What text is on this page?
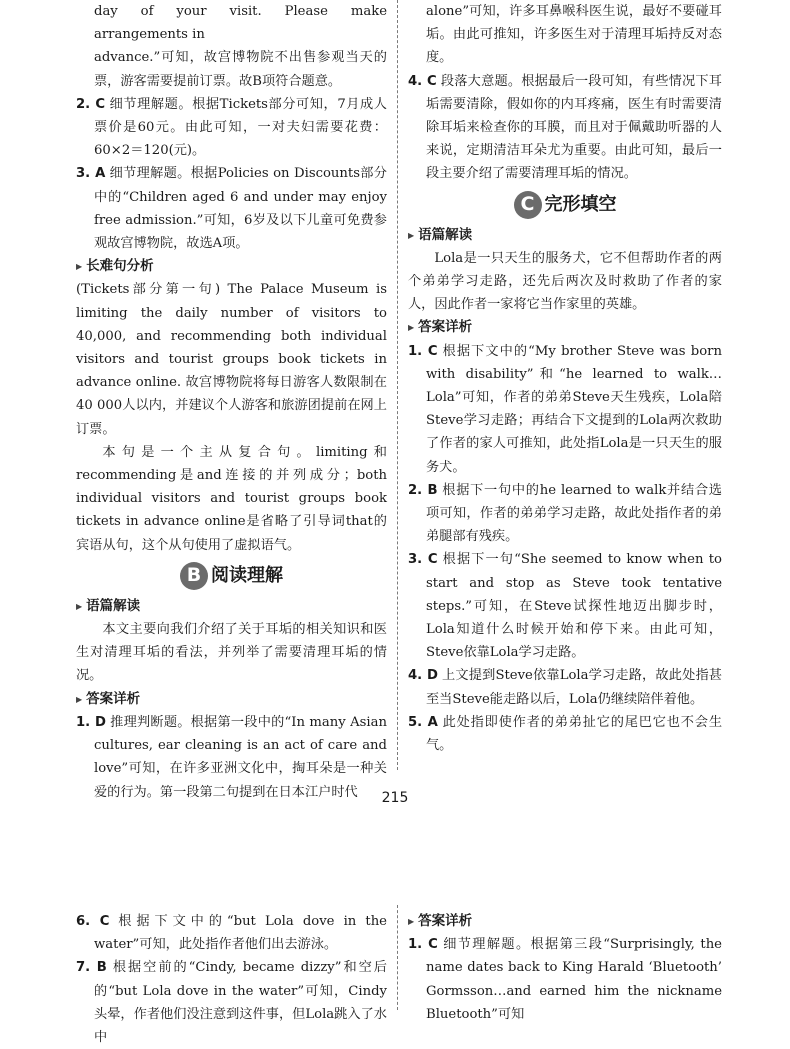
day of your visit. Please make arrangements in

advance.”可知，故宫博物院不出售参观当天的票，游客需要提前订票。故B项符合题意。

2. C 细节理解题。根据Tickets部分可知，7月成人票价是60元。由此可知，一对夫妇需要花费：60×2＝120(元)。

3. A 细节理解题。根据Policies on Discounts部分中的“Children aged 6 and under may enjoy free admission.”可知，6岁及以下儿童可免费参观故宫博物院，故选A项。

▶ 长难句分析

(Tickets部分第一句) The Palace Museum is limiting the daily number of visitors to 40,000, and recommending both individual visitors and tourist groups book tickets in advance online. 故宫博物院将每日游客人数限制在40 000人以内，并建议个人游客和旅游团提前在网上订票。

本句是一个主从复合句。limiting和recommending是and连接的并列成分；both individual visitors and tourist groups book tickets in advance online是省略了引导词that的宾语从句，这个从句使用了虚拟语气。

B 阅读理解

▶ 语篇解读

本文主要向我们介绍了关于耳垢的相关知识和医生对清理耳垢的看法，并列举了需要清理耳垢的情况。

▶ 答案详析

1. D 推理判断题。根据第一段中的“In many Asian cultures, ear cleaning is an act of care and love”可知，在许多亚洲文化中，掏耳朵是一种关爱的行为。第一段第二句提到在日本江户时代

alone”可知，许多耳鼻喉科医生说，最好不要碰耳垢。由此可推知，许多医生对于清理耳垢持反对态度。

4. C 段落大意题。根据最后一段可知，有些情况下耳垢需要清除，假如你的内耳疼痛，医生有时需要清除耳垢来检查你的耳膜，而且对于佩戴助听器的人来说，定期清洁耳朵尤为重要。由此可知，最后一段主要介绍了需要清理耳垢的情况。

C 完形填空

▶ 语篇解读

Lola是一只天生的服务犬，它不但帮助作者的两个弟弟学习走路，还先后两次及时救助了作者的家人，因此作者一家将它当作家里的英雄。

▶ 答案详析

1. C 根据下文中的“My brother Steve was born with disability”和“he learned to walk…Lola”可知，作者的弟弟Steve天生残疾，Lola陪Steve学习走路；再结合下文提到的Lola两次救助了作者的家人可推知，此处指Lola是一只天生的服务犬。

2. B 根据下一句中的he learned to walk并结合选项可知，作者的弟弟学习走路，故此处指作者的弟弟腿部有残疾。

3. C 根据下一句“She seemed to know when to start and stop as Steve took tentative steps.”可知，在Steve试探性地迈出脚步时，Lola知道什么时候开始和停下来。由此可知，Steve依靠Lola学习走路。

4. D 上文提到Steve依靠Lola学习走路，故此处指甚至当Steve能走路以后，Lola仍继续陪伴着他。

5. A 此处指即使作者的弟弟扯它的尾巴它也不会生气。

215

6. C 根据下文中的“but Lola dove in the water”可知，此处指作者他们出去游泳。

7. B 根据空前的“Cindy, became dizzy”和空后的“but Lola dove in the water”可知，Cindy头晕，作者他们没注意到这件事，但Lola跳入了水中

▶ 答案详析

1. C 细节理解题。根据第三段“Surprisingly, the name dates back to King Harald ‘Bluetooth’ Gormsson…and earned him the nickname Bluetooth”可知
